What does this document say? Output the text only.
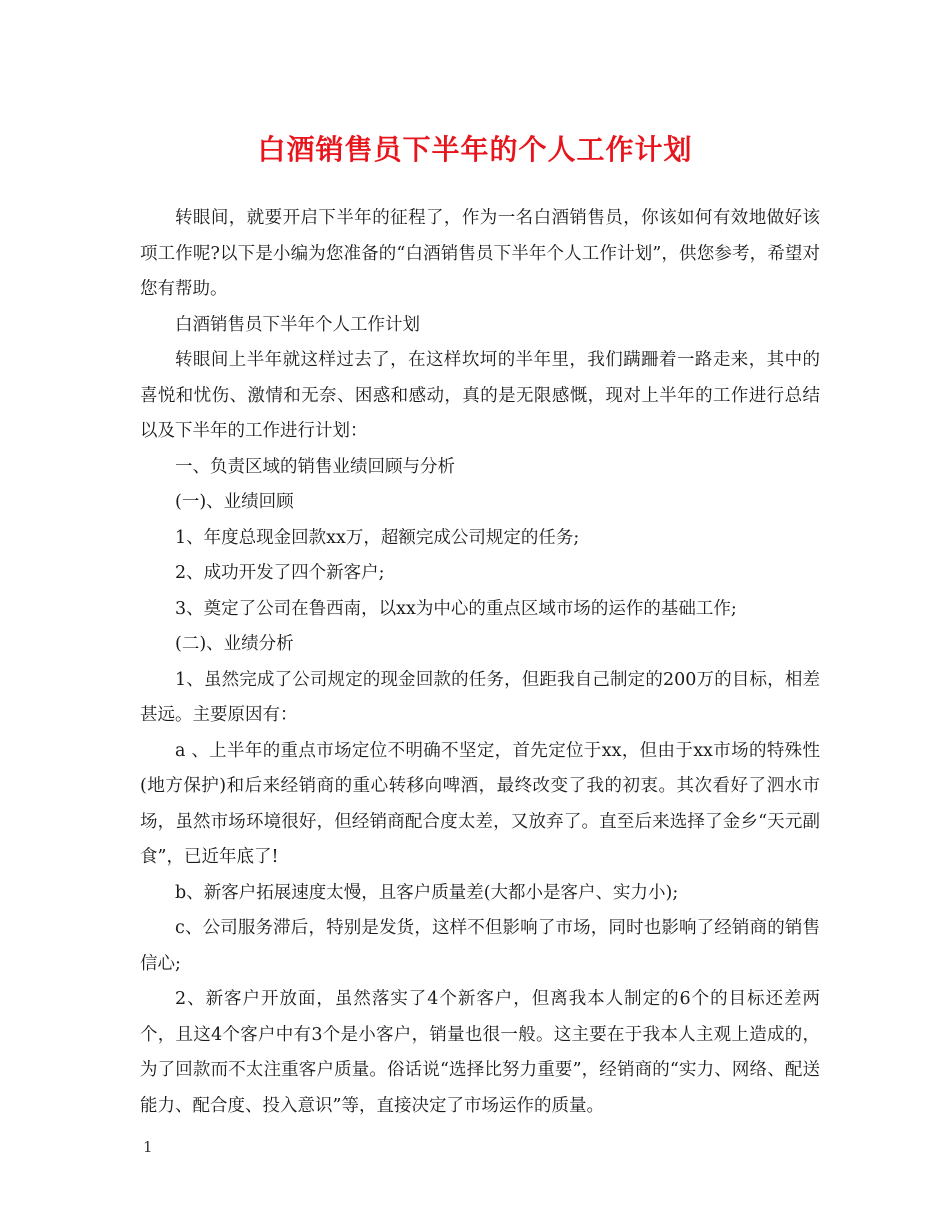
白酒销售员下半年的个人工作计划

转眼间，就要开启下半年的征程了，作为一名白酒销售员，你该如何有效地做好该项工作呢?以下是小编为您准备的“白酒销售员下半年个人工作计划”，供您参考，希望对您有帮助。

白酒销售员下半年个人工作计划

转眼间上半年就这样过去了，在这样坎坷的半年里，我们蹒跚着一路走来，其中的喜悦和忧伤、激情和无奈、困惑和感动，真的是无限感慨，现对上半年的工作进行总结以及下半年的工作进行计划：

一、负责区域的销售业绩回顾与分析

(一)、业绩回顾

1、年度总现金回款xx万，超额完成公司规定的任务;

2、成功开发了四个新客户;

3、奠定了公司在鲁西南，以xx为中心的重点区域市场的运作的基础工作;

(二)、业绩分析

1、虽然完成了公司规定的现金回款的任务，但距我自己制定的200万的目标，相差甚远。主要原因有：

a 、上半年的重点市场定位不明确不坚定，首先定位于xx，但由于xx市场的特殊性(地方保护)和后来经销商的重心转移向啤酒，最终改变了我的初衷。其次看好了泗水市场，虽然市场环境很好，但经销商配合度太差，又放弃了。直至后来选择了金乡“天元副食”，已近年底了!

b、新客户拓展速度太慢，且客户质量差(大都小是客户、实力小);

c、公司服务滞后，特别是发货，这样不但影响了市场，同时也影响了经销商的销售信心;

2、新客户开放面，虽然落实了4个新客户，但离我本人制定的6个的目标还差两个，且这4个客户中有3个是小客户，销量也很一般。这主要在于我本人主观上造成的，为了回款而不太注重客户质量。俗话说“选择比努力重要”，经销商的“实力、网络、配送能力、配合度、投入意识”等，直接决定了市场运作的质量。

1
